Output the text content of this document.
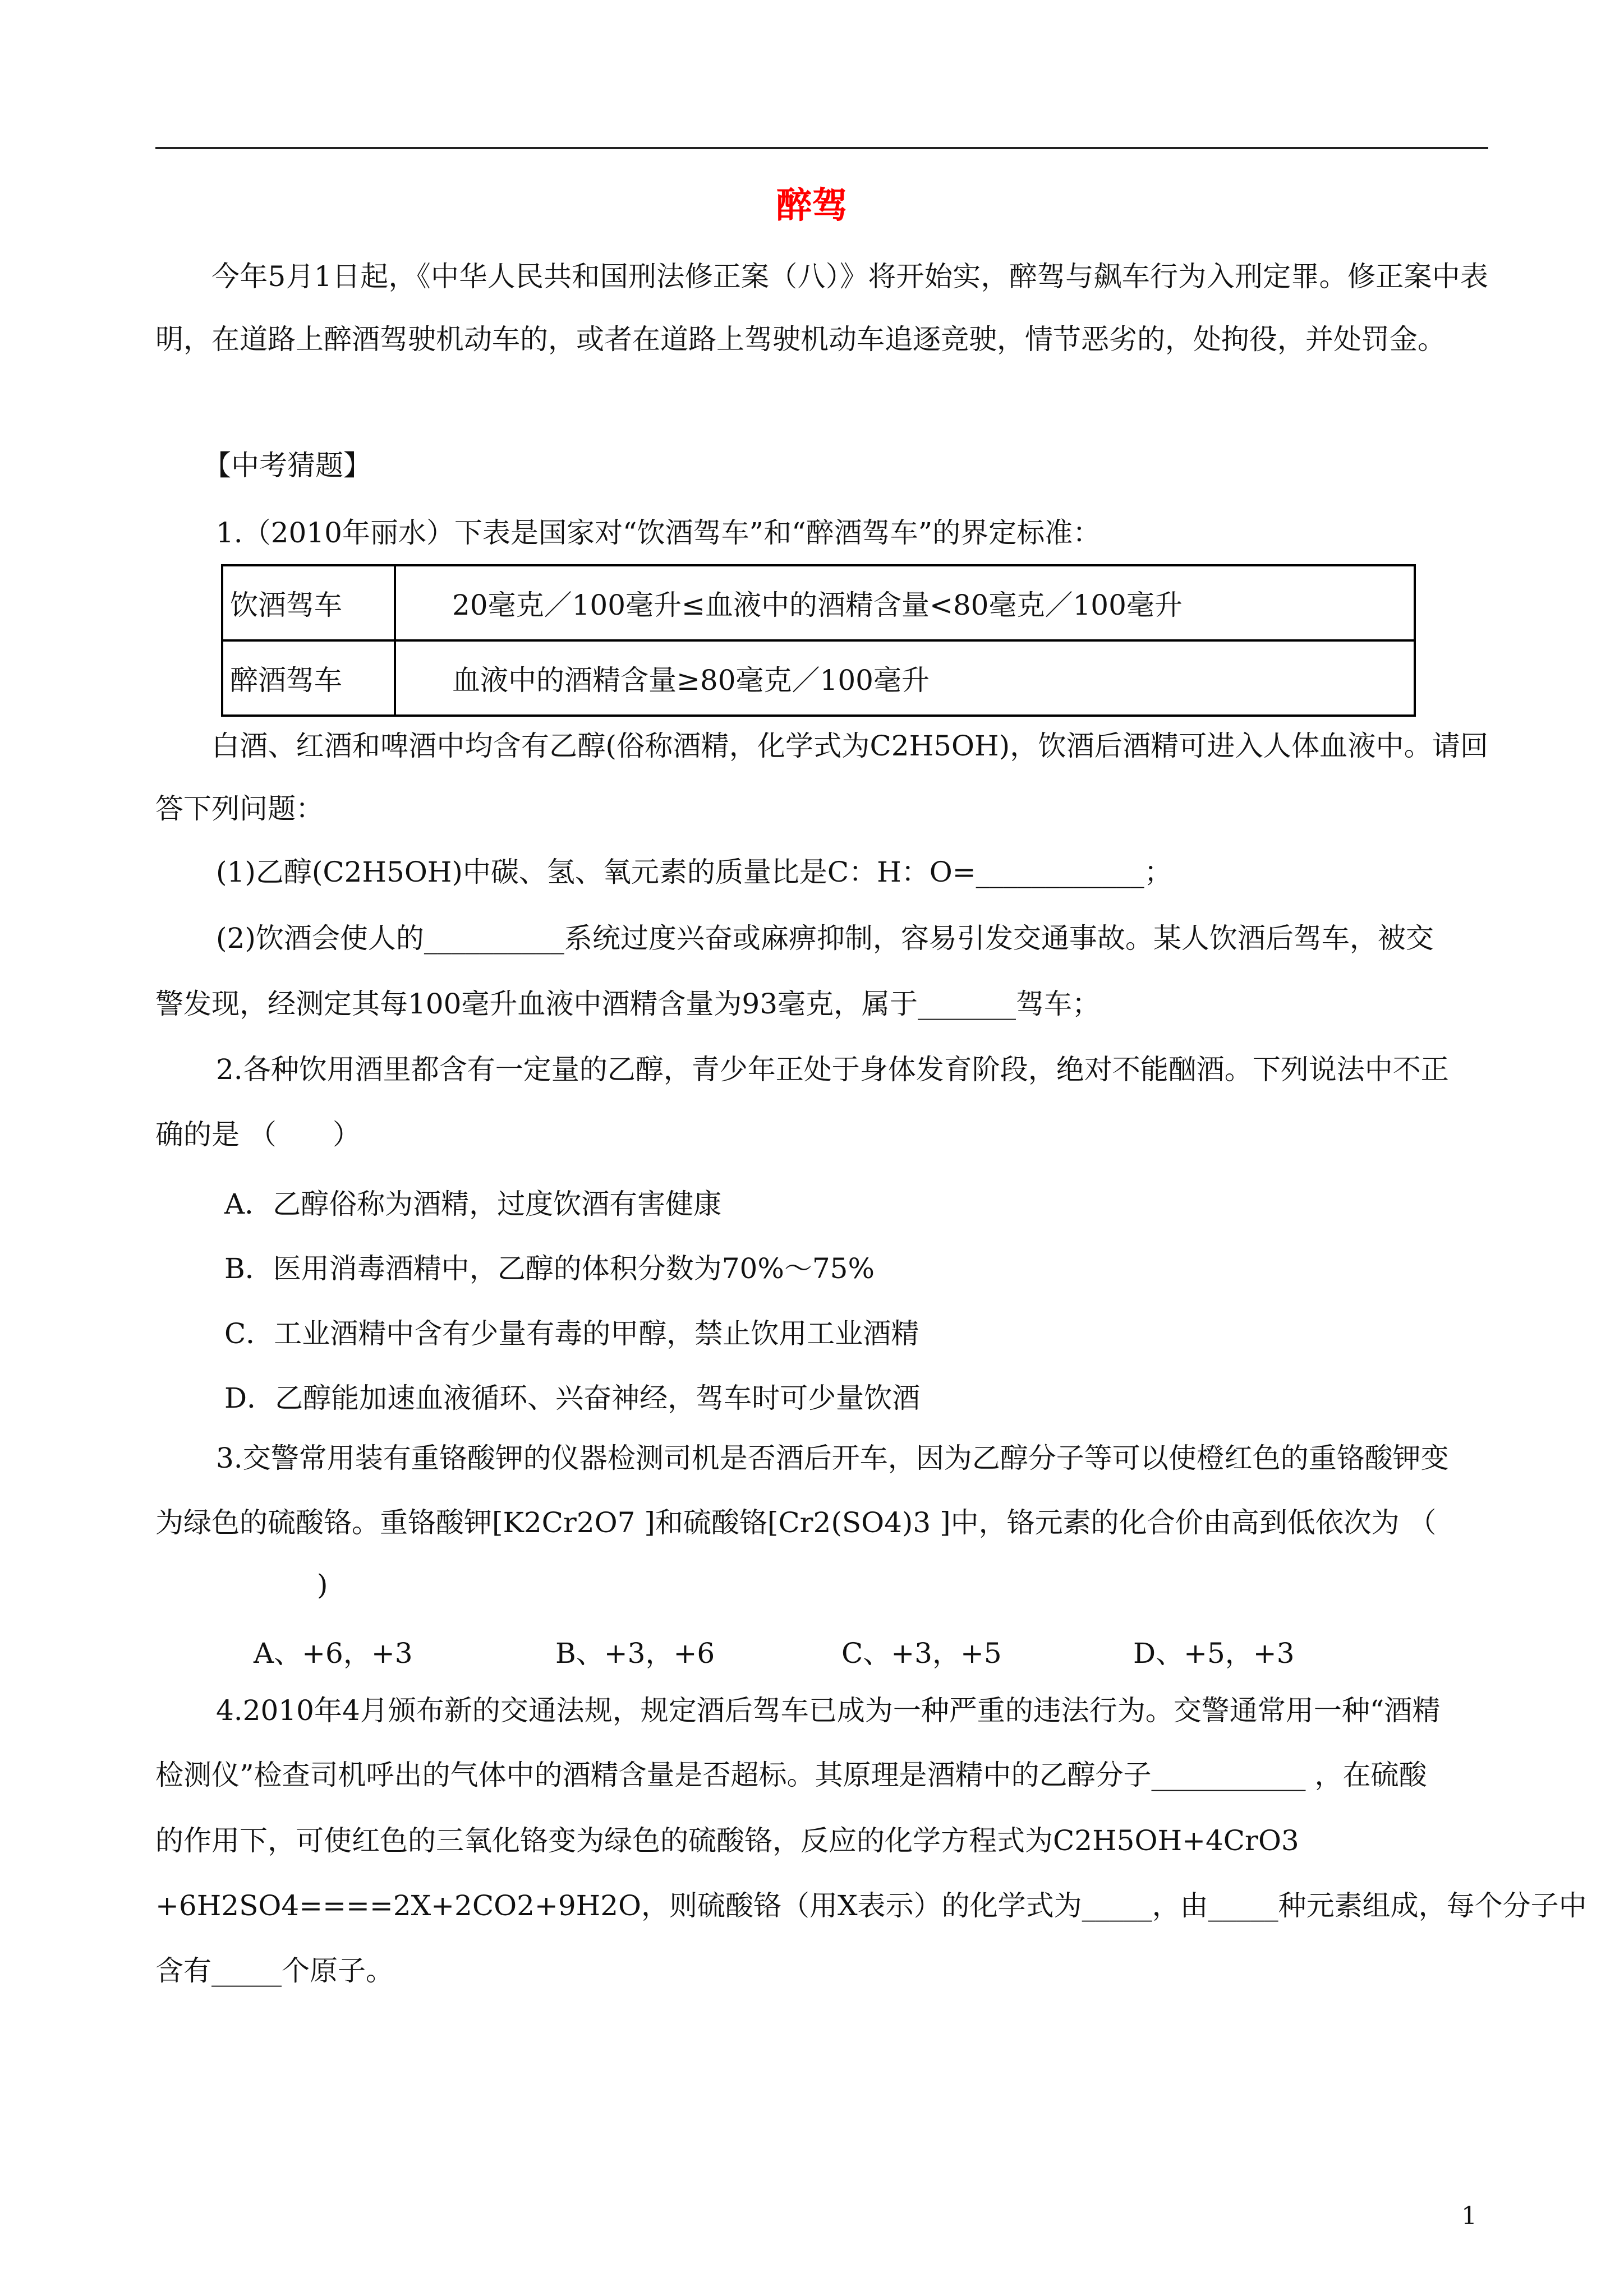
醉驾
今年5月1日起，《中华人民共和国刑法修正案（八）》将开始实，醉驾与飙车行为入刑定罪。修正案中表明，在道路上醉酒驾驶机动车的，或者在道路上驾驶机动车追逐竞驶，情节恶劣的，处拘役，并处罚金。
【中考猜题】
1.（2010年丽水）下表是国家对“饮酒驾车”和“醉酒驾车”的界定标准：
饮酒驾车	20毫克／100毫升≤血液中的酒精含量<80毫克／100毫升
醉酒驾车	血液中的酒精含量≥80毫克／100毫升
白酒、红酒和啤酒中均含有乙醇(俗称酒精，化学式为C2H5OH)，饮酒后酒精可进入人体血液中。请回答下列问题：
(1)乙醇(C2H5OH)中碳、氢、氧元素的质量比是C：H：O=____________；
(2)饮酒会使人的__________系统过度兴奋或麻痹抑制，容易引发交通事故。某人饮酒后驾车，被交
警发现，经测定其每100毫升血液中酒精含量为93毫克，属于_______驾车；
2.各种饮用酒里都含有一定量的乙醇，青少年正处于身体发育阶段，绝对不能酗酒。下列说法中不正
确的是 （　　）
A．乙醇俗称为酒精，过度饮酒有害健康
B．医用消毒酒精中，乙醇的体积分数为70%～75%
C．工业酒精中含有少量有毒的甲醇，禁止饮用工业酒精
D．乙醇能加速血液循环、兴奋神经，驾车时可少量饮酒
3.交警常用装有重铬酸钾的仪器检测司机是否酒后开车，因为乙醇分子等可以使橙红色的重铬酸钾变
为绿色的硫酸铬。重铬酸钾[K2Cr2O7 ]和硫酸铬[Cr2(SO4)3 ]中，铬元素的化合价由高到低依次为 （
)
A、+6，+3	B、+3，+6	C、+3，+5	D、+5，+3
4.2010年4月颁布新的交通法规，规定酒后驾车已成为一种严重的违法行为。交警通常用一种“酒精
检测仪”检查司机呼出的气体中的酒精含量是否超标。其原理是酒精中的乙醇分子___________ ，在硫酸
的作用下，可使红色的三氧化铬变为绿色的硫酸铬，反应的化学方程式为C2H5OH+4CrO3
+6H2SO4====2X+2CO2+9H2O，则硫酸铬（用X表示）的化学式为_____，由_____种元素组成，每个分子中
含有_____个原子。
1
